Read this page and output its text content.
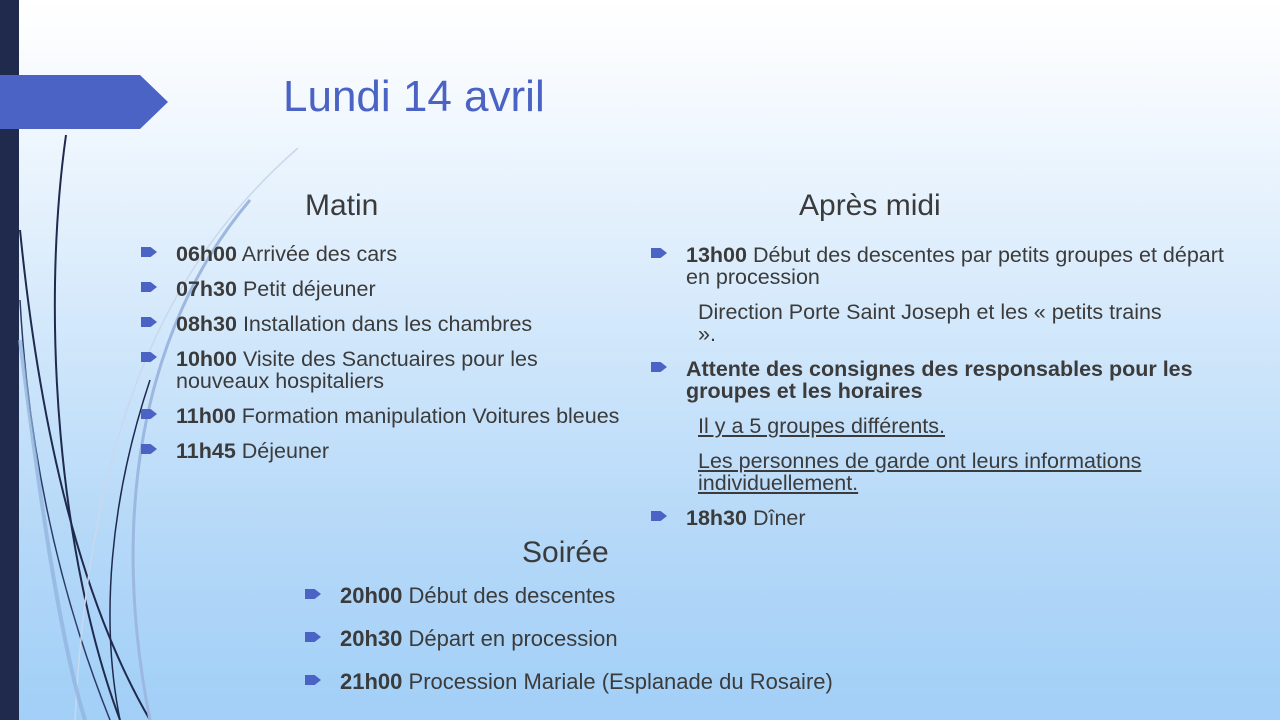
Lundi 14 avril
Matin
06h00 Arrivée des cars
07h30 Petit déjeuner
08h30 Installation dans les chambres
10h00 Visite des Sanctuaires pour les nouveaux hospitaliers
11h00 Formation manipulation Voitures bleues
11h45 Déjeuner
Après midi
13h00 Début des descentes par petits groupes et départ en procession
Direction Porte Saint Joseph et les « petits trains ».
Attente des consignes des responsables pour les groupes et les horaires
Il y a 5 groupes différents.
Les personnes de garde ont leurs informations individuellement.
18h30 Dîner
Soirée
20h00 Début des descentes
20h30 Départ en procession
21h00 Procession Mariale (Esplanade du Rosaire)
